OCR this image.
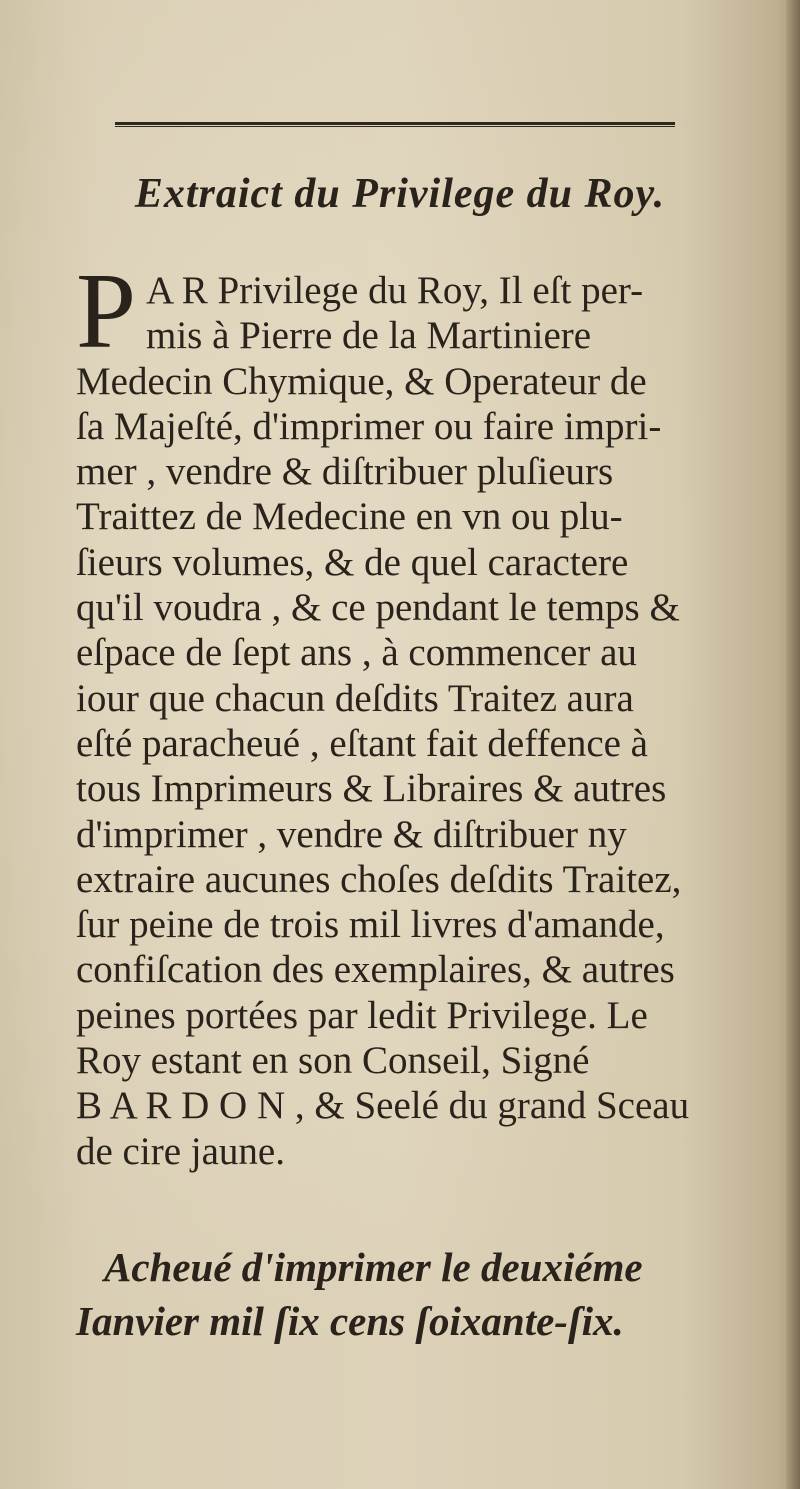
Extraict du Privilege du Roy.
P A R Privilege du Roy, Il eſt per-
mis à Pierre de la Martiniere
Medecin Chymique, & Operateur de
ſa Majeſté, d'imprimer ou faire impri-
mer , vendre & diſtribuer pluſieurs
Traittez de Medecine en vn ou plu-
ſieurs volumes, & de quel caractere
qu'il voudra , & ce pendant le temps &
eſpace de ſept ans , à commencer au
iour que chacun deſdits Traitez aura
eſté paracheué , eſtant fait deffence à
tous Imprimeurs & Libraires & autres
d'imprimer , vendre & diſtribuer ny
extraire aucunes choſes deſdits Traitez,
ſur peine de trois mil livres d'amande,
confiſcation des exemplaires, & autres
peines portées par ledit Privilege. Le
Roy estant en son Conseil, Signé
B A R D O N , & Seelé du grand Sceau
de cire jaune.
Acheué d'imprimer le deuxiéme
Ianvier mil ſix cens ſoixante-ſix.
